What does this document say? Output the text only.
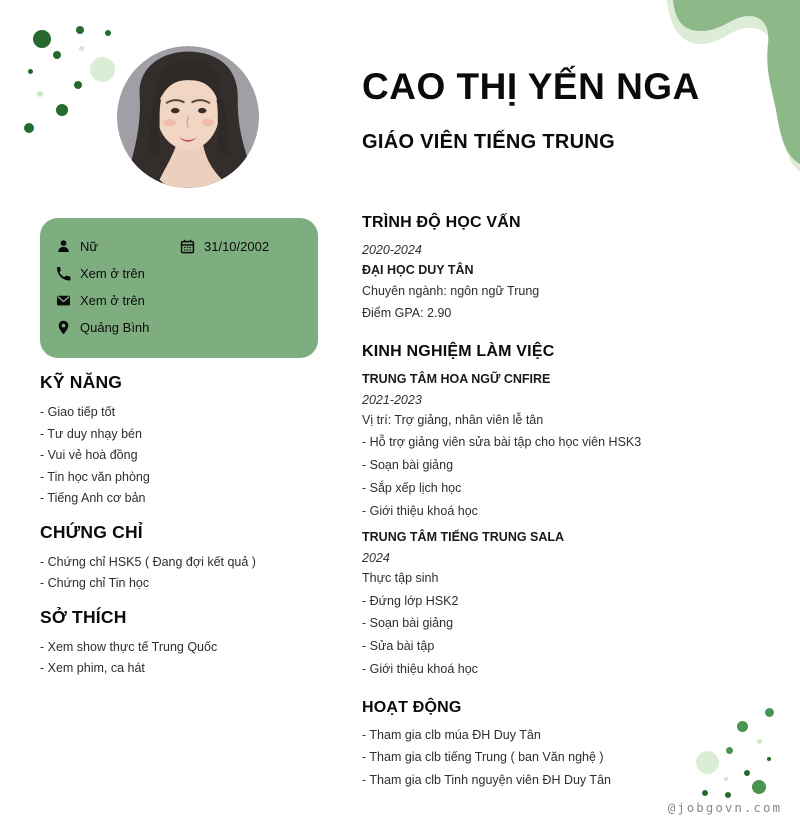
CAO THỊ YẾN NGA
GIÁO VIÊN TIẾNG TRUNG
Nữ	31/10/2002
Xem ở trên
Xem ở trên
Quảng Bình
KỸ NĂNG
- Giao tiếp tốt
- Tư duy nhạy bén
- Vui vẻ hoà đồng
- Tin học văn phòng
- Tiếng Anh cơ bản
CHỨNG CHỈ
- Chứng chỉ HSK5 ( Đang đợi kết quả )
- Chứng chỉ Tin học
SỞ THÍCH
- Xem show thực tế Trung Quốc
- Xem phim, ca hát
TRÌNH ĐỘ HỌC VẤN
2020-2024
ĐẠI HỌC DUY TÂN
Chuyên ngành: ngôn ngữ Trung
Điểm GPA: 2.90
KINH NGHIỆM LÀM VIỆC
TRUNG TÂM HOA NGỮ CNFIRE
2021-2023
Vị trí: Trợ giảng, nhân viên lễ tân
- Hỗ trợ giảng viên sửa bài tập cho học viên HSK3
- Soạn bài giảng
- Sắp xếp lịch học
- Giới thiệu khoá học
TRUNG TÂM TIẾNG TRUNG SALA
2024
Thực tập sinh
- Đứng lớp HSK2
- Soạn bài giảng
- Sửa bài tập
- Giới thiệu khoá học
HOẠT ĐỘNG
- Tham gia clb múa ĐH Duy Tân
- Tham gia clb tiếng Trung ( ban Văn nghệ )
- Tham gia clb Tinh nguyện viên ĐH Duy Tân
@jobgovn.com
